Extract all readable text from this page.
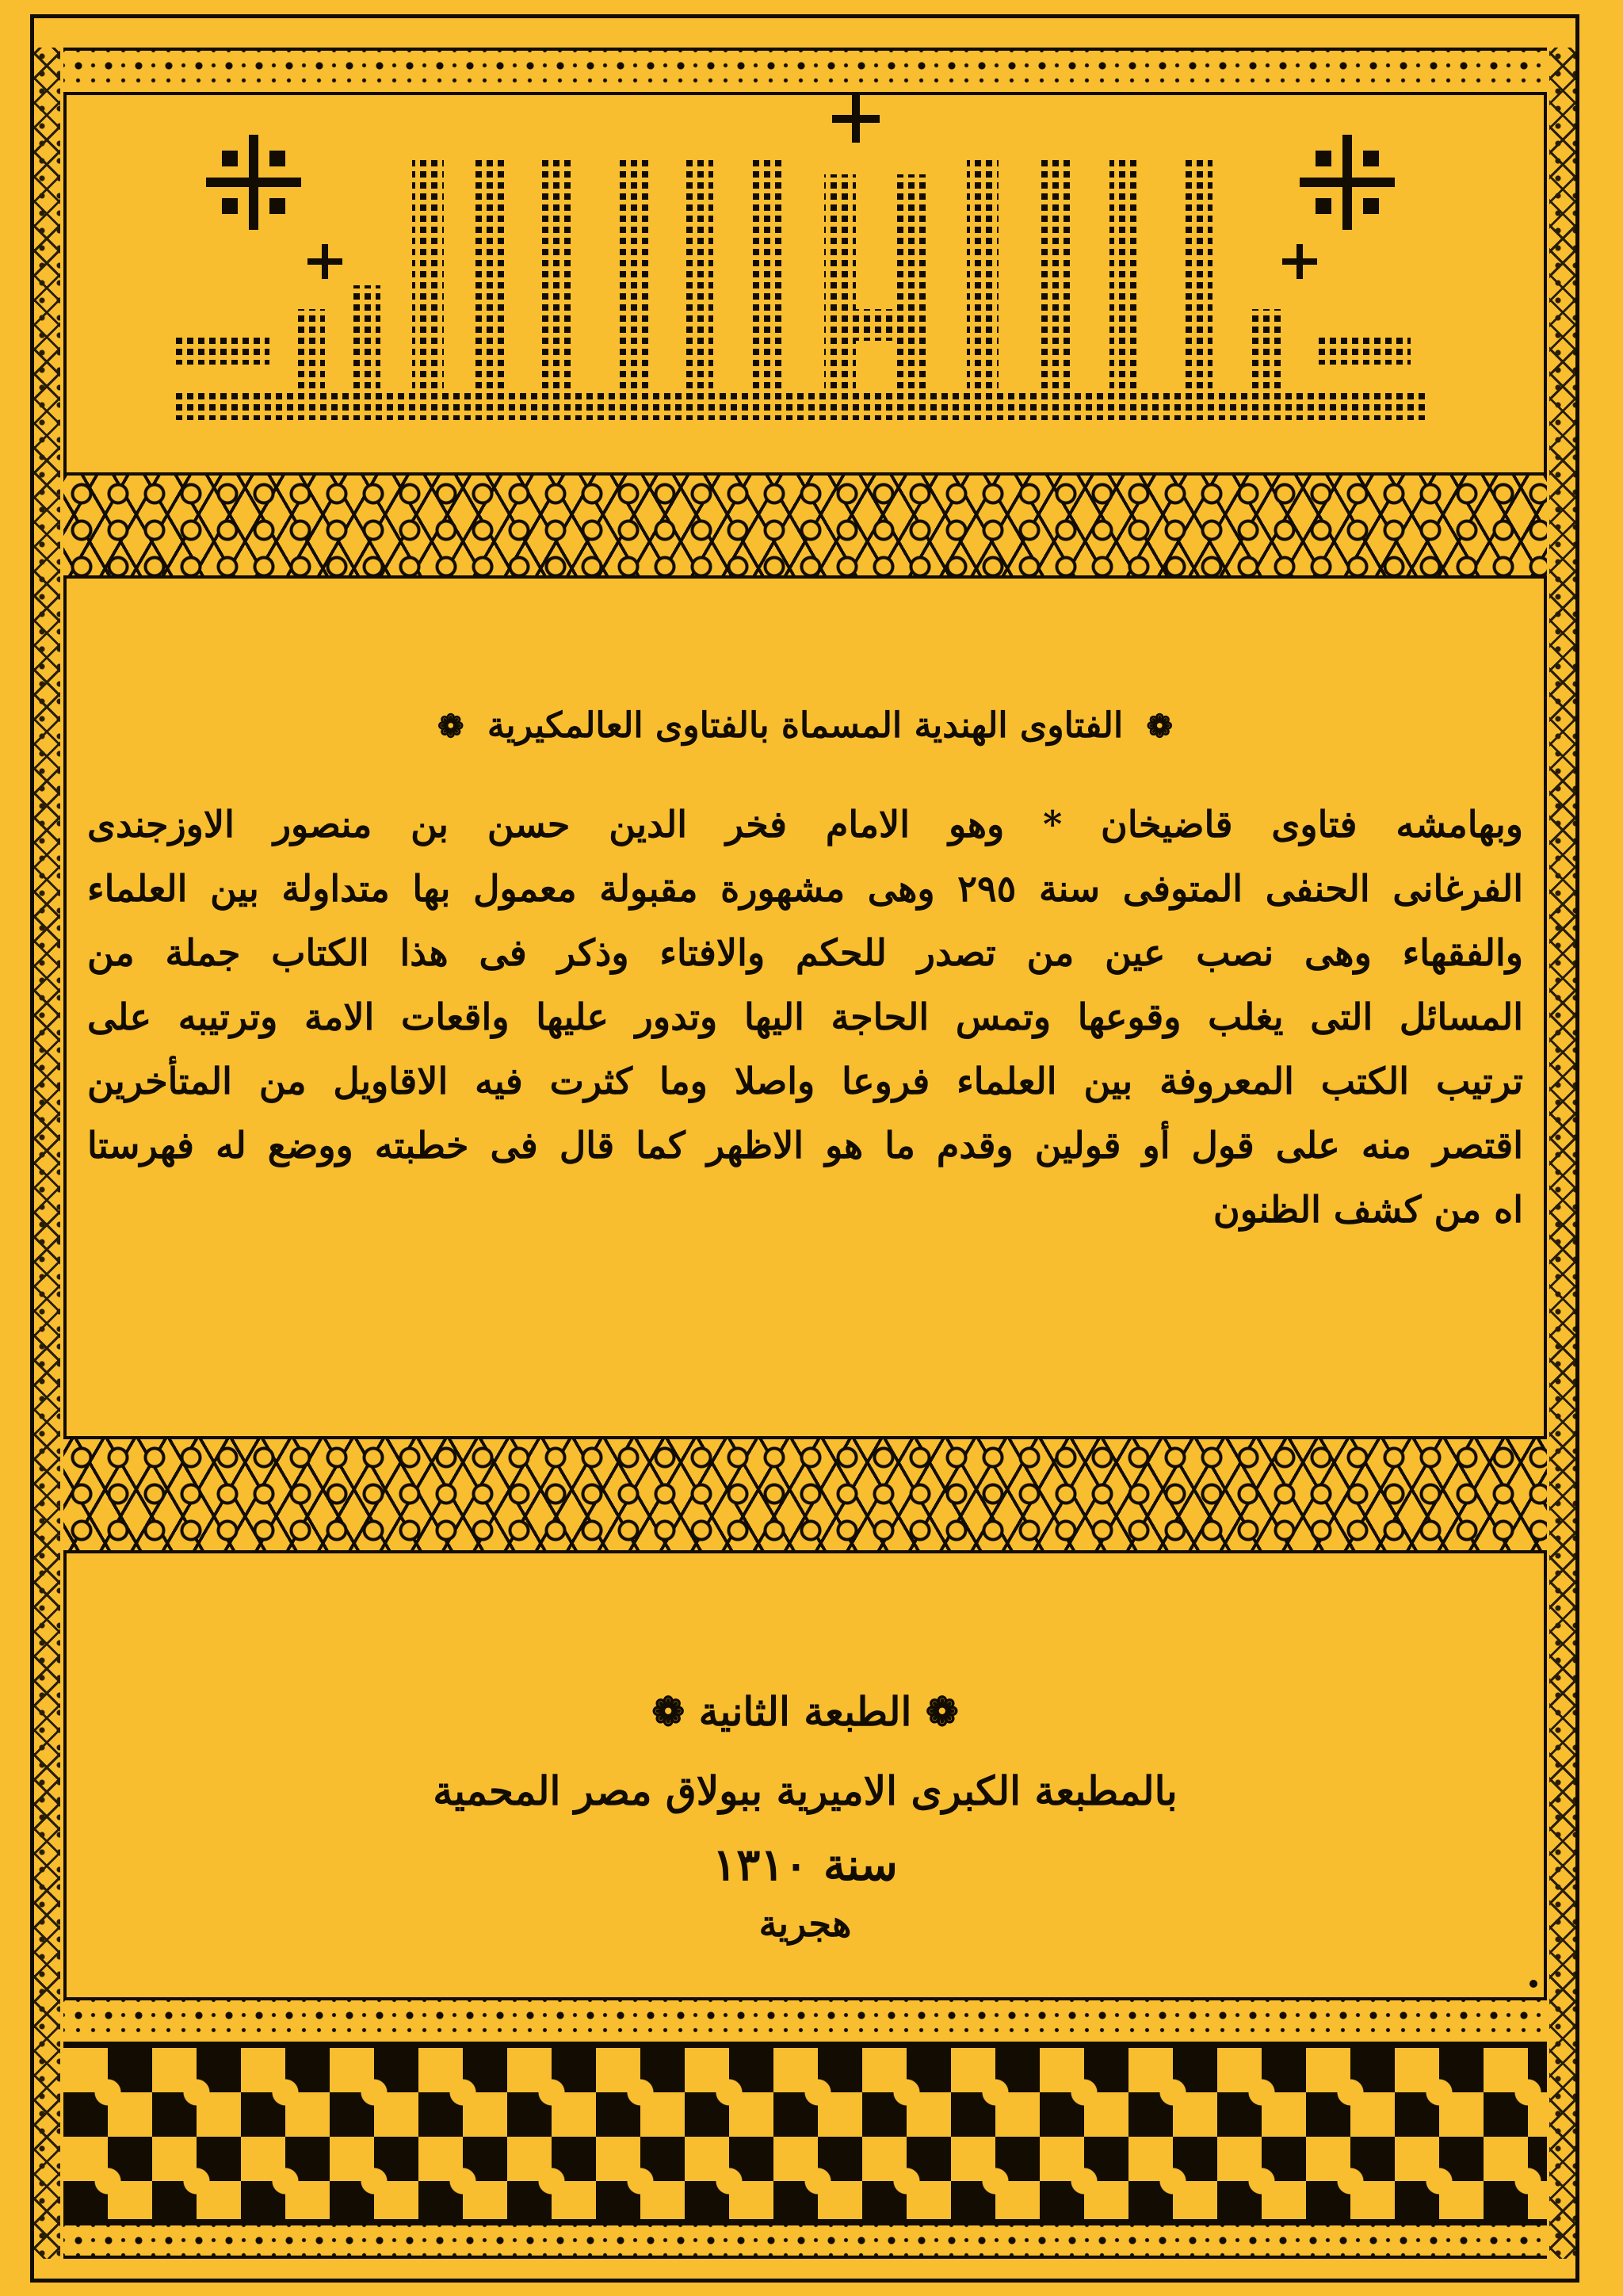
❁ الفتاوى الهندية المسماة بالفتاوى العالمكيرية ❁
وبهامشه فتاوى قاضيخان * وهو الامام فخر الدين حسن بن منصور الاوزجندى
الفرغانى الحنفى المتوفى سنة ٢٩٥ وهى مشهورة مقبولة معمول بها متداولة بين العلماء
والفقهاء وهى نصب عين من تصدر للحكم والافتاء وذكر فى هذا الكتاب جملة من
المسائل التى يغلب وقوعها وتمس الحاجة اليها وتدور عليها واقعات الامة وترتيبه على
ترتيب الكتب المعروفة بين العلماء فروعا واصلا وما كثرت فيه الاقاويل من المتأخرين
اقتصر منه على قول أو قولين وقدم ما هو الاظهر كما قال فى خطبته ووضع له فهرستا
اه من كشف الظنون
❁ الطبعة الثانية ❁
بالمطبعة الكبرى الاميرية ببولاق مصر المحمية
سنة ١٣١٠
هجرية
